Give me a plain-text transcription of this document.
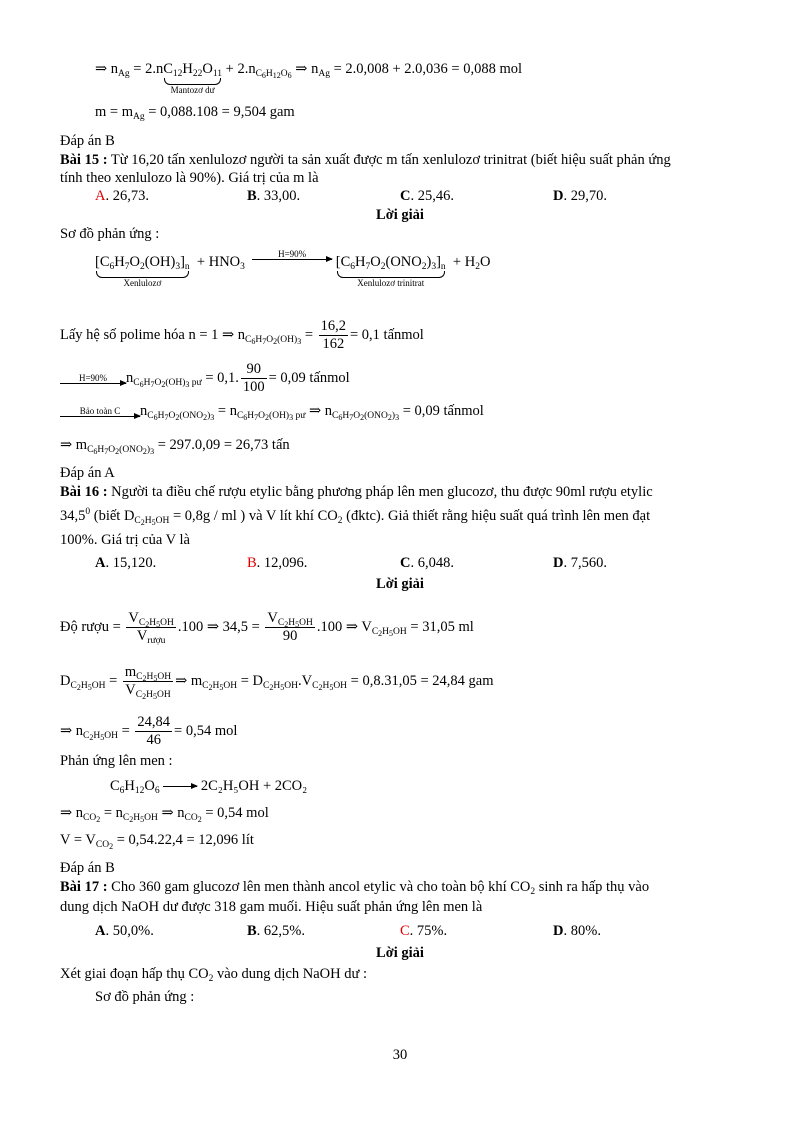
⇒ $n_{Ag} = 2.nC_{12}H_{22}O_{11}$
Mantozơ dư
+ $2.n_{C_6H_{12}O_6}$ ⇒ $n_{Ag} = 2.0,008 + 2.0,036 = 0,088$ mol
$m = m_{Ag} = 0,088.108 = 9,504$ gam
Đáp án B
Bài 15 : Từ 16,20 tấn xenlulozơ người ta sản xuất được m tấn xenlulozơ trinitrat (biết hiệu suất phản ứng
tính theo xenlulozo là 90%). Giá trị của m là
A. 26,73.	B. 33,00.	C. 25,46.	D. 29,70.
Lời giải
Sơ đồ phản ứng :
$[C_6H_7O_2(OH)_3]_n$
Xenlulozơ
+ $HNO_3$
H=90%	$[C_6H_7O_2(ONO_2)_3]_n$
Xenlulozơ trinitrat
+ $H_2O$
Lấy hệ số polime hóa n = 1 ⇒ $n_{C_6H_7O_2(OH)_3} = \frac{16,2}{162} = 0,1$ tấnmol
H=90%	$n_{C_6H_7O_2(OH)_3 pư} = 0,1$. $\frac{90}{100} = 0,09$ tấnmol
Bảo toàn C	$n_{C_6H_7O_2(ONO_2)_3} = n_{C_6H_7O_2(OH)_3 pư}$ ⇒ $n_{C_6H_7O_2(ONO_2)_3} = 0,09$ tấnmol
⇒ $m_{C_6H_7O_2(ONO_2)_3} = 297.0,09 = 26,73$ tấn
Đáp án A
Bài 16 : Người ta điều chế rượu etylic bằng phương pháp lên men glucozơ, thu được 90ml rượu etylic
34,5$^0$ (biết $D_{C_2H_5OH} = 0,8g$ / ml ) và V lít khí $CO_2$ (đktc). Giả thiết rằng hiệu suất quá trình lên men đạt
100%. Giá trị của V là
A. 15,120.	B. 12,096.	C. 6,048.	D. 7,560.
Lời giải
Độ rượu = $\frac{V_{C_2H_5OH}}{V_{rượu}} .100$ ⇒ $34,5 = \frac{V_{C_2H_5OH}}{90} .100$ ⇒ $V_{C_2H_5OH} = 31,05$ ml
$D_{C_2H_5OH} = \frac{m_{C_2H_5OH}}{V_{C_2H_5OH}}$ ⇒ $m_{C_2H_5OH} = D_{C_2H_5OH}.V_{C_2H_5OH} = 0,8.31,05 = 24,84$ gam
⇒ $n_{C_2H_5OH} = \frac{24,84}{46} = 0,54$ mol
Phản ứng lên men :
$C_6H_{12}O_6$	2C₂H₅OH + 2CO₂
⇒ $n_{CO_2} = n_{C_2H_5OH}$ ⇒ $n_{CO_2} = 0,54$ mol
$V = V_{CO_2} = 0,54.22,4 = 12,096$ lít
Đáp án B
Bài 17 : Cho 360 gam glucozơ lên men thành ancol etylic và cho toàn bộ khí $CO_2$ sinh ra hấp thụ vào
dung dịch NaOH dư được 318 gam muối. Hiệu suất phản ứng lên men là
A. 50,0%.	B. 62,5%.	C. 75%.	D. 80%.
Lời giải
Xét giai đoạn hấp thụ $CO_2$ vào dung dịch NaOH dư :
Sơ đồ phản ứng :
30
